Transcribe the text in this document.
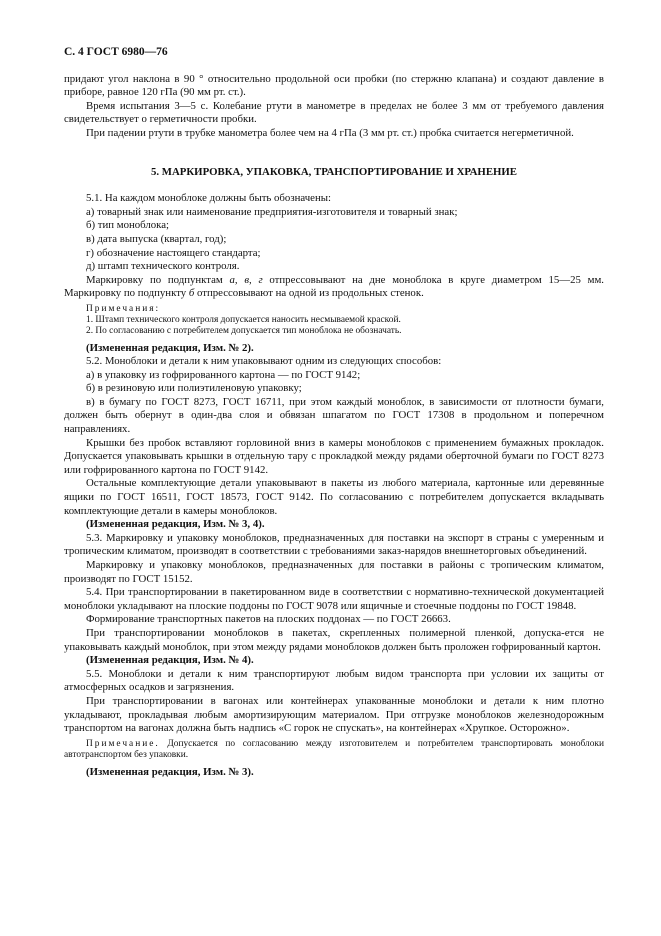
С. 4 ГОСТ 6980—76

придают угол наклона в 90 ° относительно продольной оси пробки (по стержню клапана) и создают давление в приборе, равное 120 гПа (90 мм рт. ст.).

Время испытания 3—5 с. Колебание ртути в манометре в пределах не более 3 мм от требуемого давления свидетельствует о герметичности пробки.

При падении ртути в трубке манометра более чем на 4 гПа (3 мм рт. ст.) пробка считается негерметичной.

5. МАРКИРОВКА, УПАКОВКА, ТРАНСПОРТИРОВАНИЕ И ХРАНЕНИЕ

5.1. На каждом моноблоке должны быть обозначены:

а) товарный знак или наименование предприятия-изготовителя и товарный знак;

б) тип моноблока;

в) дата выпуска (квартал, год);

г) обозначение настоящего стандарта;

д) штамп технического контроля.

Маркировку по подпунктам а, в, г отпрессовывают на дне моноблока в круге диаметром 15—25 мм. Маркировку по подпункту б отпрессовывают на одной из продольных стенок.

Примечания:
1. Штамп технического контроля допускается наносить несмываемой краской.
2. По согласованию с потребителем допускается тип моноблока не обозначать.

(Измененная редакция, Изм. № 2).

5.2. Моноблоки и детали к ним упаковывают одним из следующих способов:

а) в упаковку из гофрированного картона — по ГОСТ 9142;

б) в резиновую или полиэтиленовую упаковку;

в) в бумагу по ГОСТ 8273, ГОСТ 16711, при этом каждый моноблок, в зависимости от плотности бумаги, должен быть обернут в один-два слоя и обвязан шпагатом по ГОСТ 17308 в продольном и поперечном направлениях.

Крышки без пробок вставляют горловиной вниз в камеры моноблоков с применением бумажных прокладок. Допускается упаковывать крышки в отдельную тару с прокладкой между рядами оберточной бумаги по ГОСТ 8273 или гофрированного картона по ГОСТ 9142.

Остальные комплектующие детали упаковывают в пакеты из любого материала, картонные или деревянные ящики по ГОСТ 16511, ГОСТ 18573, ГОСТ 9142. По согласованию с потребителем допускается вкладывать комплектующие детали в камеры моноблоков.

(Измененная редакция, Изм. № 3, 4).

5.3. Маркировку и упаковку моноблоков, предназначенных для поставки на экспорт в страны с умеренным и тропическим климатом, производят в соответствии с требованиями заказ-нарядов внешнеторговых объединений.

Маркировку и упаковку моноблоков, предназначенных для поставки в районы с тропическим климатом, производят по ГОСТ 15152.

5.4. При транспортировании в пакетированном виде в соответствии с нормативно-технической документацией моноблоки укладывают на плоские поддоны по ГОСТ 9078 или ящичные и стоечные поддоны по ГОСТ 19848.

Формирование транспортных пакетов на плоских поддонах — по ГОСТ 26663.

При транспортировании моноблоков в пакетах, скрепленных полимерной пленкой, допуска-ется не упаковывать каждый моноблок, при этом между рядами моноблоков должен быть проложен гофрированный картон.

(Измененная редакция, Изм. № 4).

5.5. Моноблоки и детали к ним транспортируют любым видом транспорта при условии их защиты от атмосферных осадков и загрязнения.

При транспортировании в вагонах или контейнерах упакованные моноблоки и детали к ним плотно укладывают, прокладывая любым амортизирующим материалом. При отгрузке моноблоков железнодорожным транспортом на вагонах должна быть надпись «С горок не спускать», на контейнерах «Хрупкое. Осторожно».

Примечание. Допускается по согласованию между изготовителем и потребителем транспортировать моноблоки автотранспортом без упаковки.

(Измененная редакция, Изм. № 3).
